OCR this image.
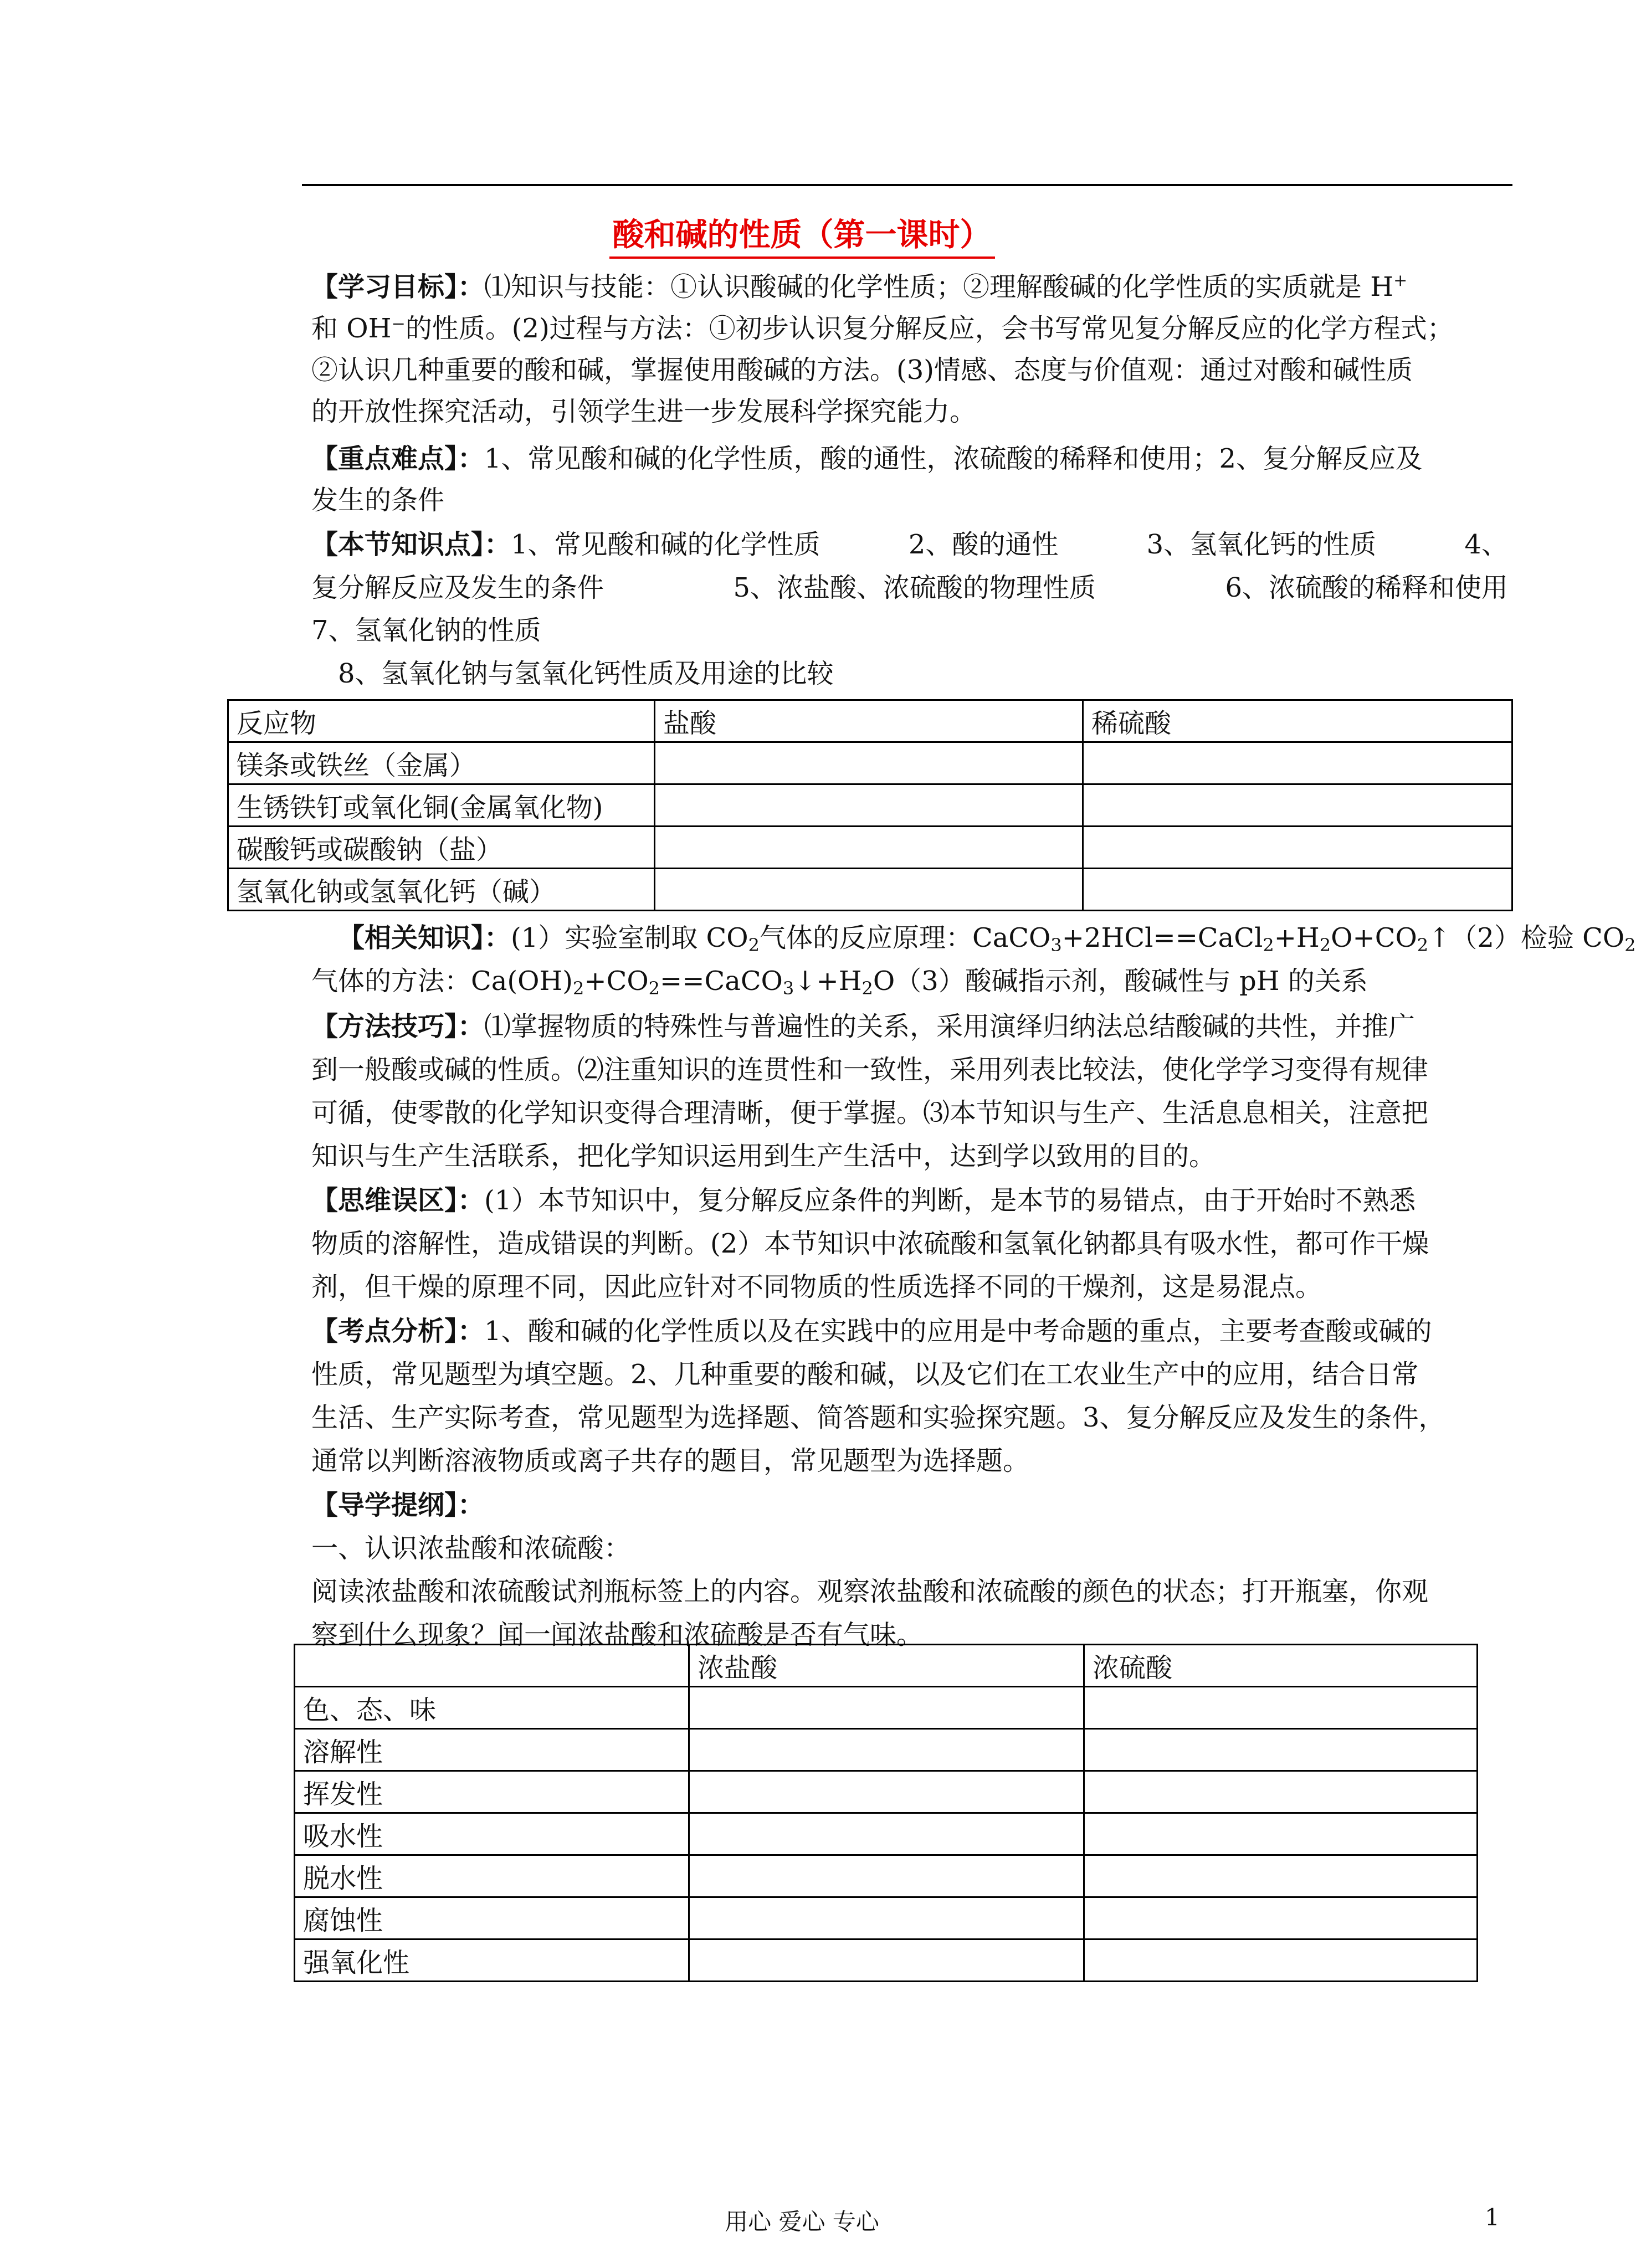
酸和碱的性质（第一课时）
【学习目标】：⑴知识与技能：①认识酸碱的化学性质；②理解酸碱的化学性质的实质就是 H+
和 OH⁻的性质。(2)过程与方法：①初步认识复分解反应，会书写常见复分解反应的化学方程式；
②认识几种重要的酸和碱，掌握使用酸碱的方法。(3)情感、态度与价值观：通过对酸和碱性质
的开放性探究活动，引领学生进一步发展科学探究能力。
【重点难点】：1、常见酸和碱的化学性质，酸的通性，浓硫酸的稀释和使用；2、复分解反应及
发生的条件
【本节知识点】：1、常见酸和碱的化学性质	2、酸的通性	3、氢氧化钙的性质	4、
复分解反应及发生的条件	5、浓盐酸、浓硫酸的物理性质	6、浓硫酸的稀释和使用
7、氢氧化钠的性质
8、氢氧化钠与氢氧化钙性质及用途的比较
反应物	盐酸	稀硫酸
镁条或铁丝（金属）		
生锈铁钉或氧化铜(金属氧化物)		
碳酸钙或碳酸钠（盐）		
氢氧化钠或氢氧化钙（碱）		
【相关知识】：(1）实验室制取 $CO_2$气体的反应原理：$CaCO_3+2HCl==CaCl_2+H_2O+CO_2↑(2)$检验 $CO_2$
气体的方法：$Ca(OH)_2+CO_2==CaCO_3↓+H_2O(3)$酸碱指示剂，酸碱性与 pH 的关系
【方法技巧】：⑴掌握物质的特殊性与普遍性的关系，采用演绎归纳法总结酸碱的共性，并推广
到一般酸或碱的性质。⑵注重知识的连贯性和一致性，采用列表比较法，使化学学习变得有规律
可循，使零散的化学知识变得合理清晰，便于掌握。⑶本节知识与生产、生活息息相关，注意把
知识与生产生活联系，把化学知识运用到生产生活中，达到学以致用的目的。
【思维误区】：(1）本节知识中，复分解反应条件的判断，是本节的易错点，由于开始时不熟悉
物质的溶解性，造成错误的判断。(2）本节知识中浓硫酸和氢氧化钠都具有吸水性，都可作干燥
剂，但干燥的原理不同，因此应针对不同物质的性质选择不同的干燥剂，这是易混点。
【考点分析】：1、酸和碱的化学性质以及在实践中的应用是中考命题的重点，主要考查酸或碱的
性质，常见题型为填空题。2、几种重要的酸和碱，以及它们在工农业生产中的应用，结合日常
生活、生产实际考查，常见题型为选择题、简答题和实验探究题。3、复分解反应及发生的条件，
通常以判断溶液物质或离子共存的题目，常见题型为选择题。
【导学提纲】：
一、认识浓盐酸和浓硫酸：
阅读浓盐酸和浓硫酸试剂瓶标签上的内容。观察浓盐酸和浓硫酸的颜色的状态；打开瓶塞，你观
察到什么现象？闻一闻浓盐酸和浓硫酸是否有气味。
	浓盐酸	浓硫酸
色、态、味		
溶解性		
挥发性		
吸水性		
脱水性		
腐蚀性		
强氧化性		
用心 爱心 专心	1
